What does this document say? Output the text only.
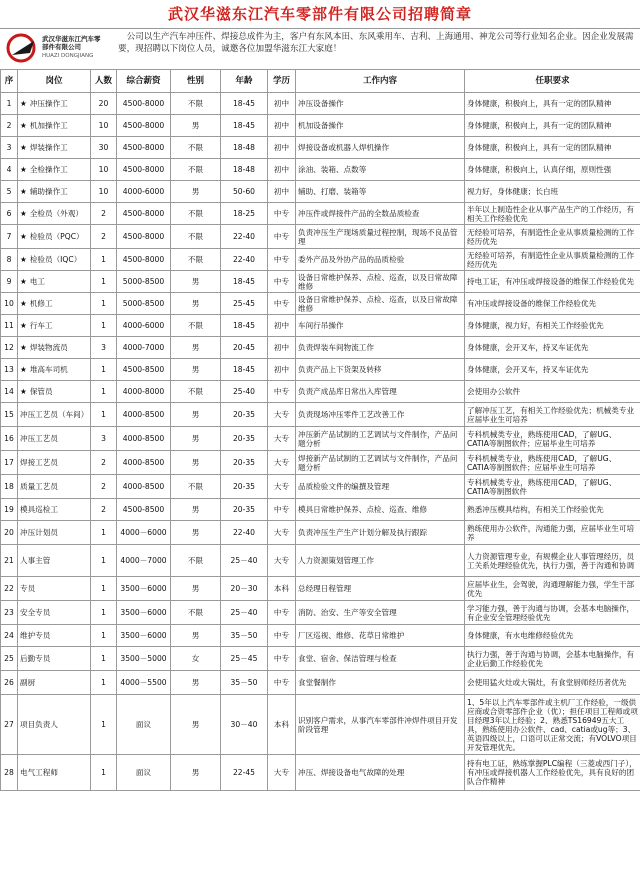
武汉华滋东江汽车零部件有限公司招聘简章
武汉华滋东江汽车零部件有限公司
HUAZI DONGJIANG
公司以生产汽车冲压件、焊接总成件为主，客户有东风本田、东风乘用车、吉利、上海通用、神龙公司等行业知名企业。因企业发展需要，现招聘以下岗位人员，诚邀各位加盟华滋东江大家庭！
序	岗位	人数	综合薪资	性别	年龄	学历	工作内容	任职要求
1	★ 冲压操作工	20	4500-8000	不限	18-45	初中	冲压设备操作	身体健康，积极向上，具有一定的团队精神
2	★ 机加操作工	10	4500-8000	男	18-45	初中	机加设备操作	身体健康，积极向上，具有一定的团队精神
3	★ 焊装操作工	30	4500-8000	不限	18-48	初中	焊接设备或机器人焊机操作	身体健康，积极向上，具有一定的团队精神
4	★ 全检操作工	10	4500-8000	不限	18-48	初中	涂油、装箱、点数等	身体健康，积极向上，认真仔细，原则性强
5	★ 辅助操作工	10	4000-6000	男	50-60	初中	辅助、打磨、装箱等	视力好，身体健康；长白班
6	★ 全检员（外观）	2	4500-8000	不限	18-25	中专	冲压件或焊接件产品的全数品质检查	半年以上制造性企业从事产品生产的工作经历，有相关工作经验优先
7	★ 检验员（PQC）	2	4500-8000	不限	22-40	中专	负责冲压生产现场质量过程控制，现场不良品管理	无经验可培养，有制造性企业从事质量检测的工作经历优先
8	★ 检验员（IQC）	1	4500-8000	不限	22-40	中专	委外产品及外协产品的品质检验	无经验可培养，有制造性企业从事质量检测的工作经历优先
9	★ 电工	1	5000-8500	男	18-45	中专	设备日常维护保养、点检、巡查，以及日常故障维修	持电工证，有冲压或焊接设备的维保工作经验优先
10	★ 机修工	1	5000-8500	男	25-45	中专	设备日常维护保养、点检、巡查，以及日常故障维修	有冲压或焊接设备的维保工作经验优先
11	★ 行车工	1	4000-6000	不限	18-45	初中	车间行吊操作	身体健康，视力好，有相关工作经验优先
12	★ 焊装物流员	3	4000-7000	男	20-45	初中	负责焊装车间物流工作	身体健康，会开叉车，持叉车证优先
13	★ 堆高车司机	1	4500-8500	男	18-45	初中	负责产品上下货架及转移	身体健康，会开叉车，持叉车证优先
14	★ 保管员	1	4000-8000	不限	25-40	中专	负责产成品库日常出入库管理	会使用办公软件
15	冲压工艺员（车间）	1	4000-8500	男	20-35	大专	负责现场冲压零件工艺改善工作	了解冲压工艺，有相关工作经验优先；机械类专业应届毕业生可培养
16	冲压工艺员	3	4000-8500	男	20-35	大专	冲压新产品试制的工艺调试与文件制作，产品问题分析	专科机械类专业，熟练使用CAD，了解UG、CATIA等制图软件；应届毕业生可培养
17	焊接工艺员	2	4000-8500	男	20-35	大专	焊接新产品试制的工艺调试与文件制作，产品问题分析	专科机械类专业，熟练使用CAD，了解UG、CATIA等制图软件；应届毕业生可培养
18	质量工艺员	2	4000-8500	不限	20-35	大专	品质检验文件的编撰及管理	专科机械类专业，熟练使用CAD，了解UG、CATIA等制图软件
19	模具巡检工	2	4500-8500	男	20-35	中专	模具日常维护保养、点检、巡查、维修	熟悉冲压模具结构，有相关工作经验优先
20	冲压计划员	1	4000－6000	男	22-40	大专	负责冲压生产生产计划分解及执行跟踪	熟练使用办公软件，沟通能力强，应届毕业生可培养
21	人事主管	1	4000－7000	不限	25－40	大专	人力资源策划管理工作	人力资源管理专业，有规模企业人事管理经历，员工关系处理经验优先，执行力强，善于沟通和协调
22	专员	1	3500－6000	男	20－30	本科	总经理日程管理	应届毕业生，会驾驶，沟通理解能力强，学生干部优先
23	安全专员	1	3500－6000	不限	25－40	中专	消防、治安、生产等安全管理	学习能力强，善于沟通与协调，会基本电脑操作，有企业安全管理经验优先
24	维护专员	1	3500－6000	男	35－50	中专	厂区巡视、维修、花草日常维护	身体健康，有水电维修经验优先
25	后勤专员	1	3500－5000	女	25－45	中专	食堂、宿舍、保洁管理与检查	执行力强，善于沟通与协调，会基本电脑操作，有企业后勤工作经验优先
26	副厨	1	4000－5500	男	35－50	中专	食堂餐制作	会使用猛火灶或大锅灶，有食堂厨师经历者优先
27	项目负责人	1	面议	男	30－40	本科	识别客户需求，从事汽车零部件冲焊件项目开发阶段管理	1、5年以上汽车零部件或主机厂工作经验，一级供应商或合资零部件企业（优）；担任项目工程师或项目经理3年以上经验；2、熟悉TS16949五大工具，熟练使用办公软件、cad、catia或ug等；3、英语四级以上，口语可以正常交流；有VOLVO项目开发管理优先。
28	电气工程师	1	面议	男	22-45	大专	冲压、焊接设备电气故障的处理	持有电工证，熟练掌握PLC编程（三菱或西门子），有冲压或焊接机器人工作经验优先，具有良好的团队合作精神
